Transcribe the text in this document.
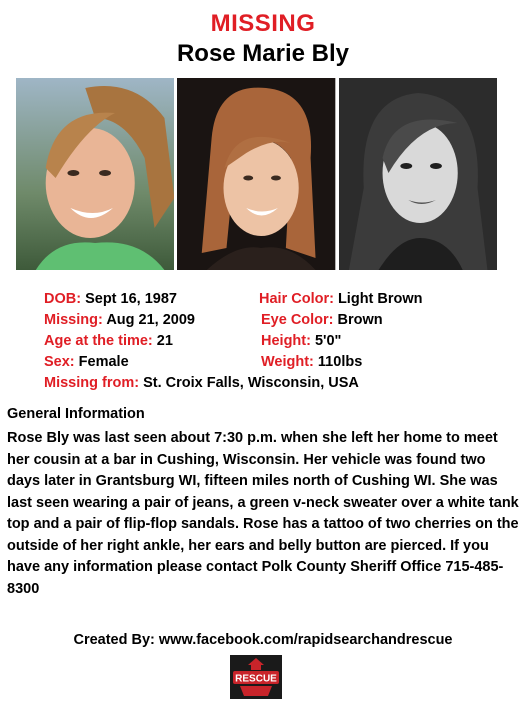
MISSING
Rose Marie Bly
DOB: Sept 16, 1987	Hair Color: Light Brown
Missing: Aug 21, 2009	Eye Color: Brown
Age at the time: 21	Height: 5'0"
Sex: Female	Weight: 110lbs
Missing from: St. Croix Falls, Wisconsin, USA
General Information
Rose Bly was last seen about 7:30 p.m. when she left her home to meet her cousin at a bar in Cushing, Wisconsin. Her vehicle was found two days later in Grantsburg WI, fifteen miles north of Cushing WI. She was last seen wearing a pair of jeans, a green v-neck sweater over a white tank top and a pair of flip-flop sandals. Rose has a tattoo of two cherries on the outside of her right ankle, her ears and belly button are pierced. If you have any information please contact Polk County Sheriff Office 715-485-8300
Created By: www.facebook.com/rapidsearchandrescue
RESCUE
